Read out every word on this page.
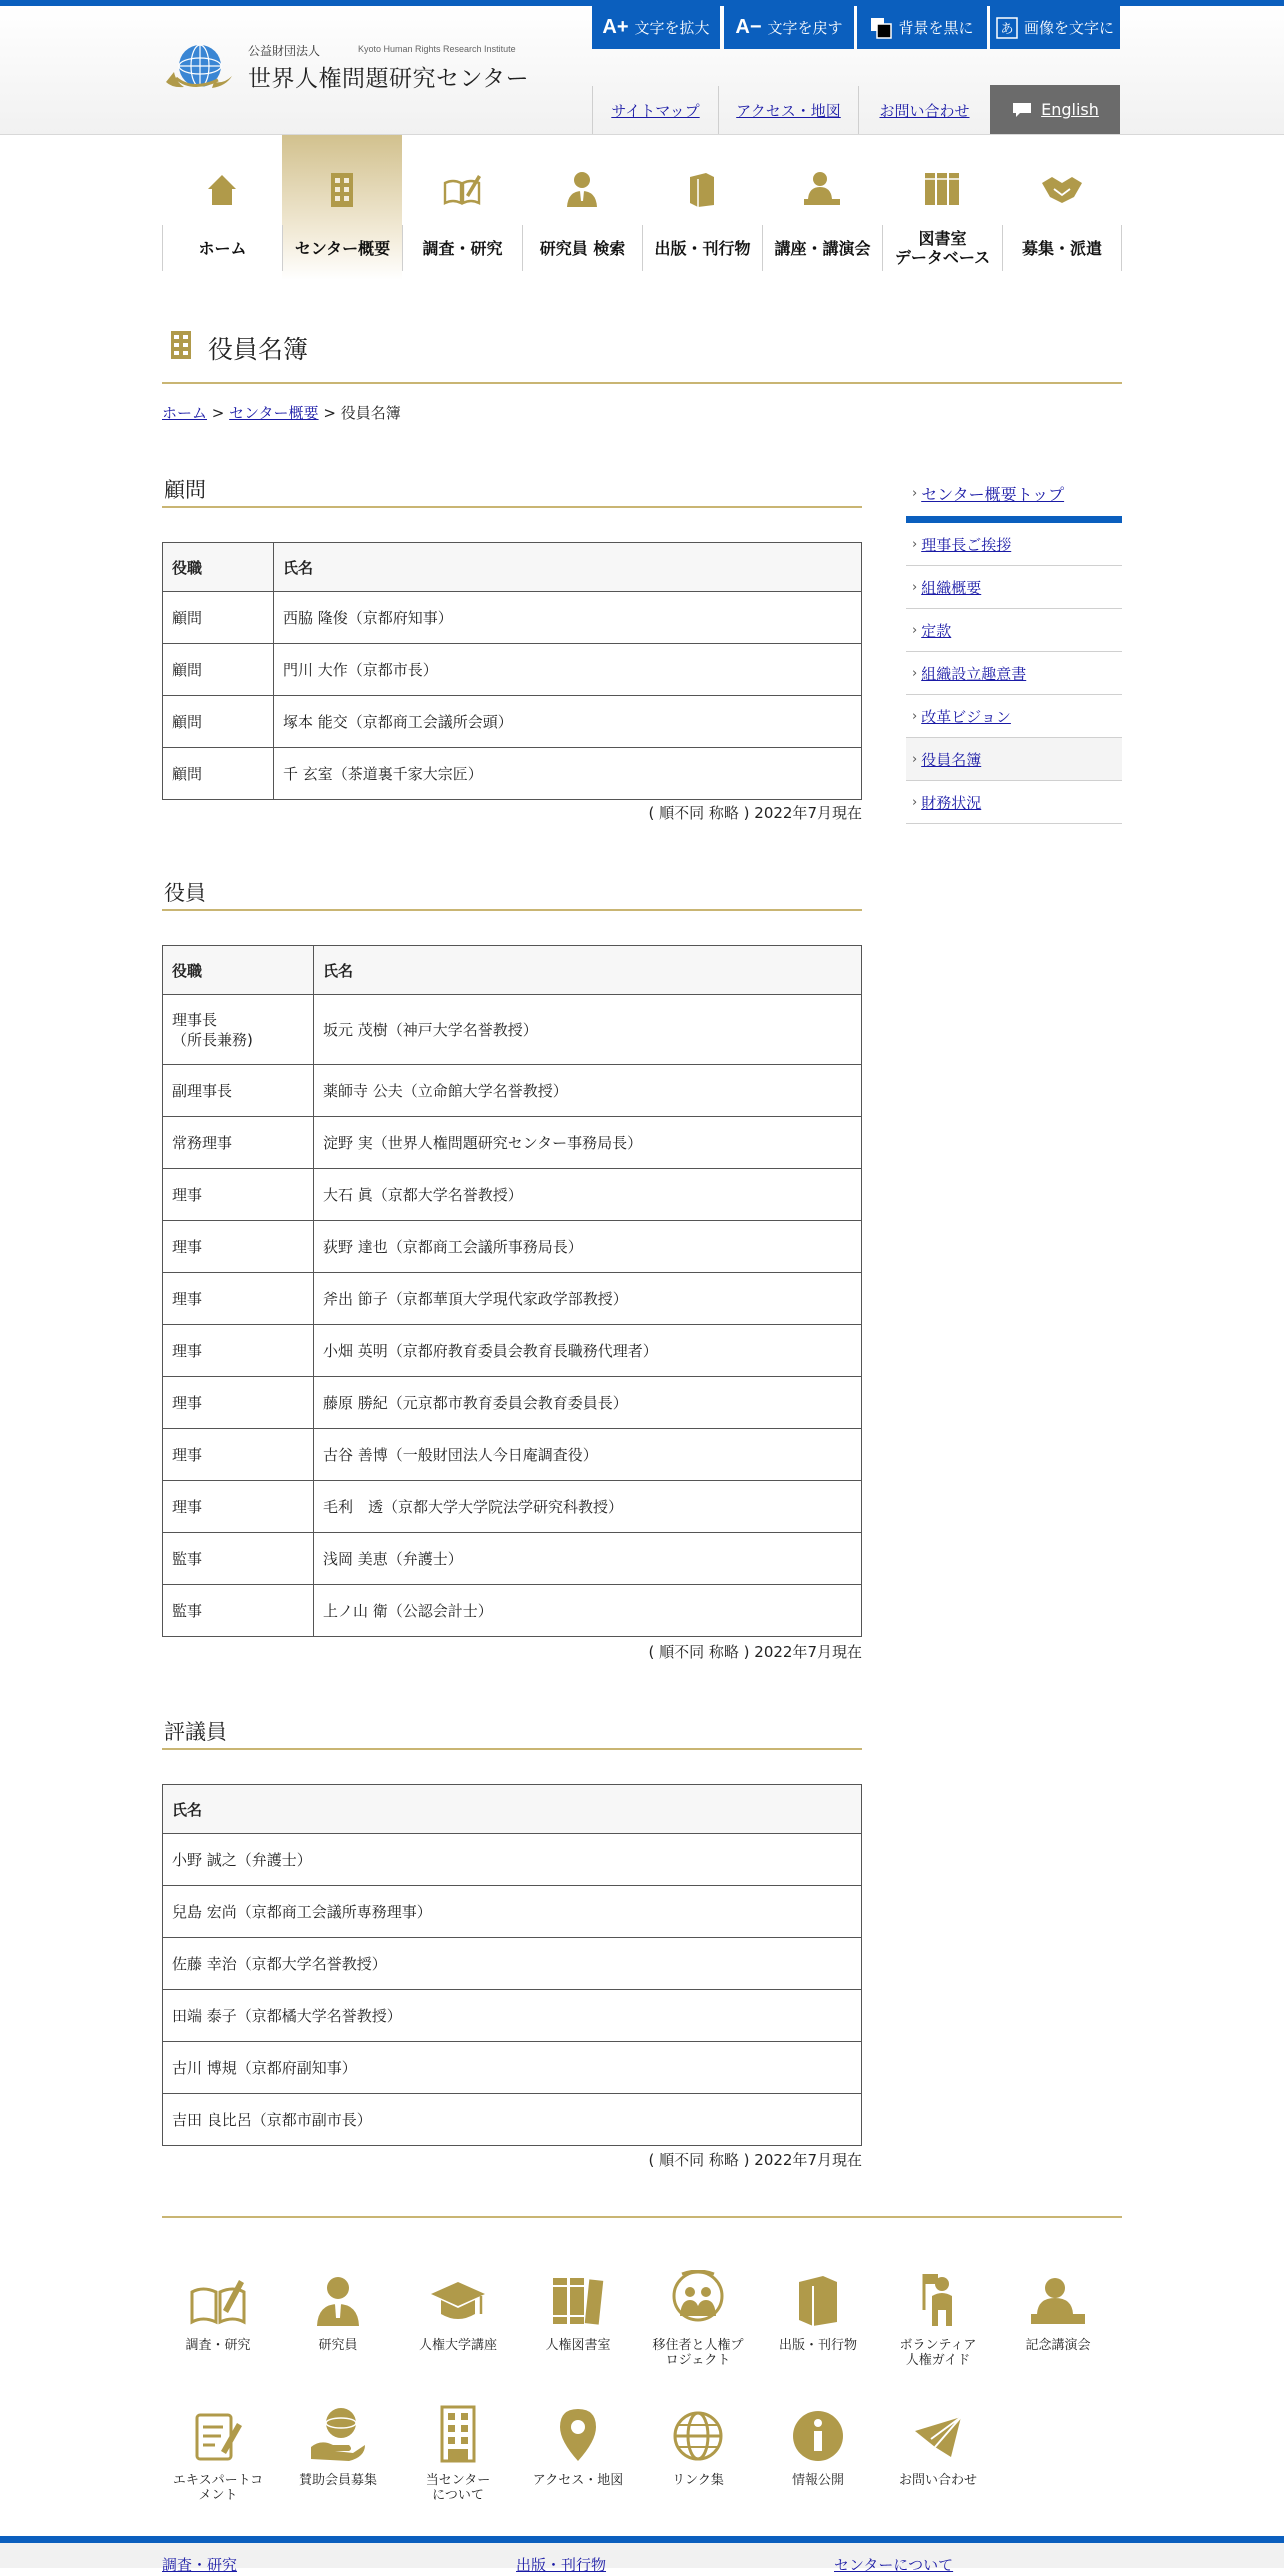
公益財団法人	Kyoto Human Rights Research Institute
世界人権問題研究センター
A+ 文字を拡大 A− 文字を戻す	背景を黒に あ 画像を文字に
サイトマップ アクセス・地図	お問い合わせ	English
ホーム	センター概要	調査・研究	研究員 検索	出版・刊行物	講座・講演会	図書室
データベース	募集・派遣
役員名簿
ホーム > センター概要 > 役員名簿
顧問
役職	氏名
顧問	西脇 隆俊（京都府知事）
顧問	門川 大作（京都市長）
顧問	塚本 能交（京都商工会議所会頭）
顧問	千 玄室（茶道裏千家大宗匠）
( 順不同 称略 ) 2022年7月現在
役員
役職	氏名
理事長
（所長兼務)	坂元 茂樹（神戸大学名誉教授）
副理事長	薬師寺 公夫（立命館大学名誉教授）
常務理事	淀野 実（世界人権問題研究センター事務局長）
理事	大石 眞（京都大学名誉教授）
理事	荻野 達也（京都商工会議所事務局長）
理事	斧出 節子（京都華頂大学現代家政学部教授）
理事	小畑 英明（京都府教育委員会教育長職務代理者）
理事	藤原 勝紀（元京都市教育委員会教育委員長）
理事	古谷 善博（一般財団法人今日庵調査役）
理事	毛利　透（京都大学大学院法学研究科教授）
監事	浅岡 美恵（弁護士）
監事	上ノ山 衛（公認会計士）
( 順不同 称略 ) 2022年7月現在
評議員
氏名
小野 誠之（弁護士）
兒島 宏尚（京都商工会議所専務理事）
佐藤 幸治（京都大学名誉教授）
田端 泰子（京都橘大学名誉教授）
古川 博規（京都府副知事）
吉田 良比呂（京都市副市長）
( 順不同 称略 ) 2022年7月現在
› センター概要トップ
› 理事長ご挨拶
› 組織概要
› 定款
› 組織設立趣意書
› 改革ビジョン
› 役員名簿
› 財務状況
調査・研究	研究員	人権大学講座	人権図書室	移住者と人権プロジェクト
出版・刊行物	ボランティア
人権ガイド
記念講演会
エキスパートコメント
賛助会員募集	当センター
について
アクセス・地図	リンク集	情報公開	お問い合わせ
調査・研究	出版・刊行物	センターについて
